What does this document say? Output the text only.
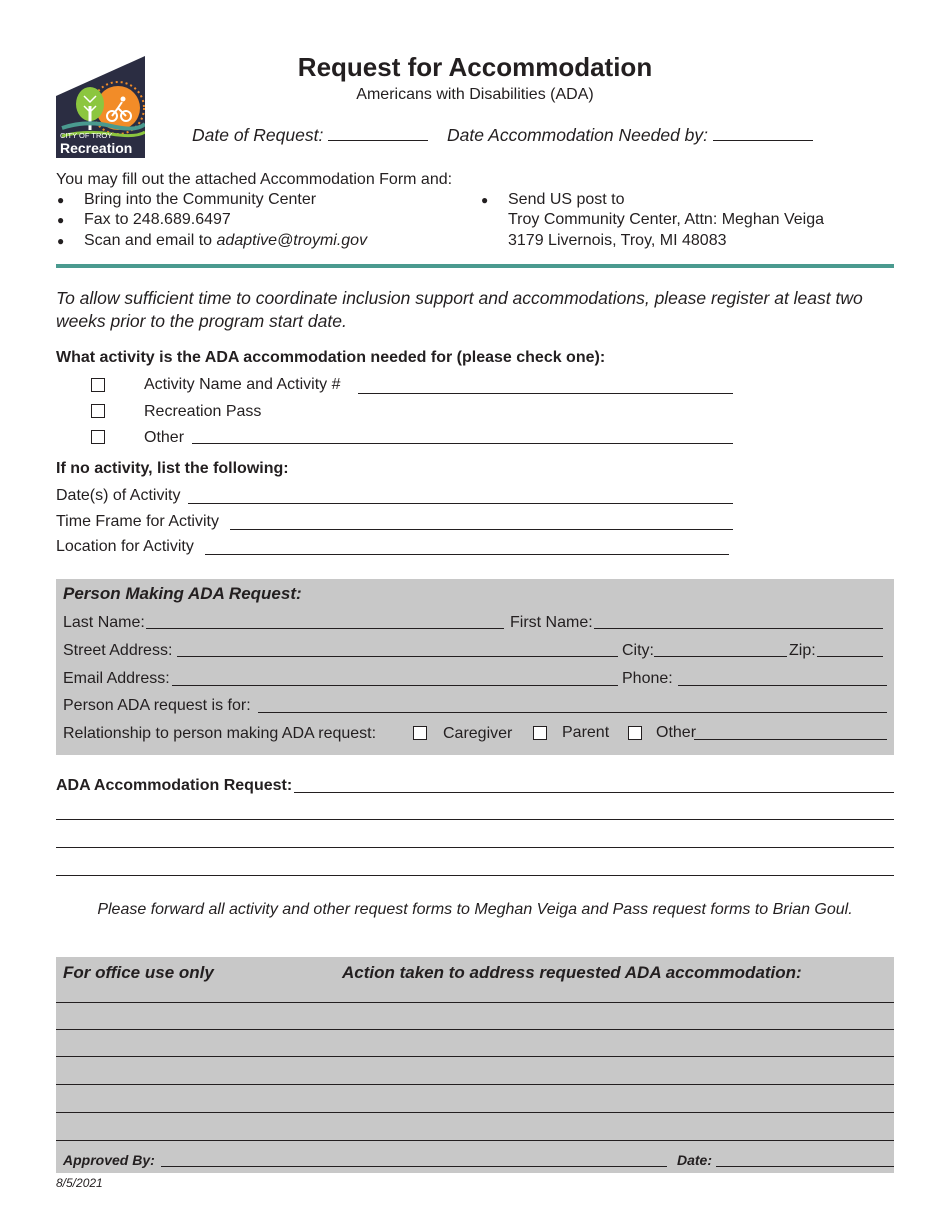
Request for Accommodation
Americans with Disabilities (ADA)
CITY OF TROY
Recreation
Date of Request:	Date Accommodation Needed by:
You may fill out the attached Accommodation Form and:
● Bring into the Community Center
● Fax to 248.689.6497
● Scan and email to adaptive@troymi.gov
● Send US post to
Troy Community Center, Attn: Meghan Veiga
3179 Livernois, Troy, MI 48083
To allow sufficient time to coordinate inclusion support and accommodations, please register at least two weeks prior to the program start date.
What activity is the ADA accommodation needed for (please check one):
Activity Name and Activity #
Recreation Pass
Other
If no activity, list the following:
Date(s) of Activity
Time Frame for Activity
Location for Activity
Person Making ADA Request:
Last Name:	First Name:
Street Address:	City:	Zip:
Email Address:	Phone:
Person ADA request is for:
Relationship to person making ADA request:	Caregiver	Parent	Other
ADA Accommodation Request:
Please forward all activity and other request forms to Meghan Veiga and Pass request forms to Brian Goul.
For office use only	Action taken to address requested ADA accommodation:
Approved By:	Date:
8/5/2021
